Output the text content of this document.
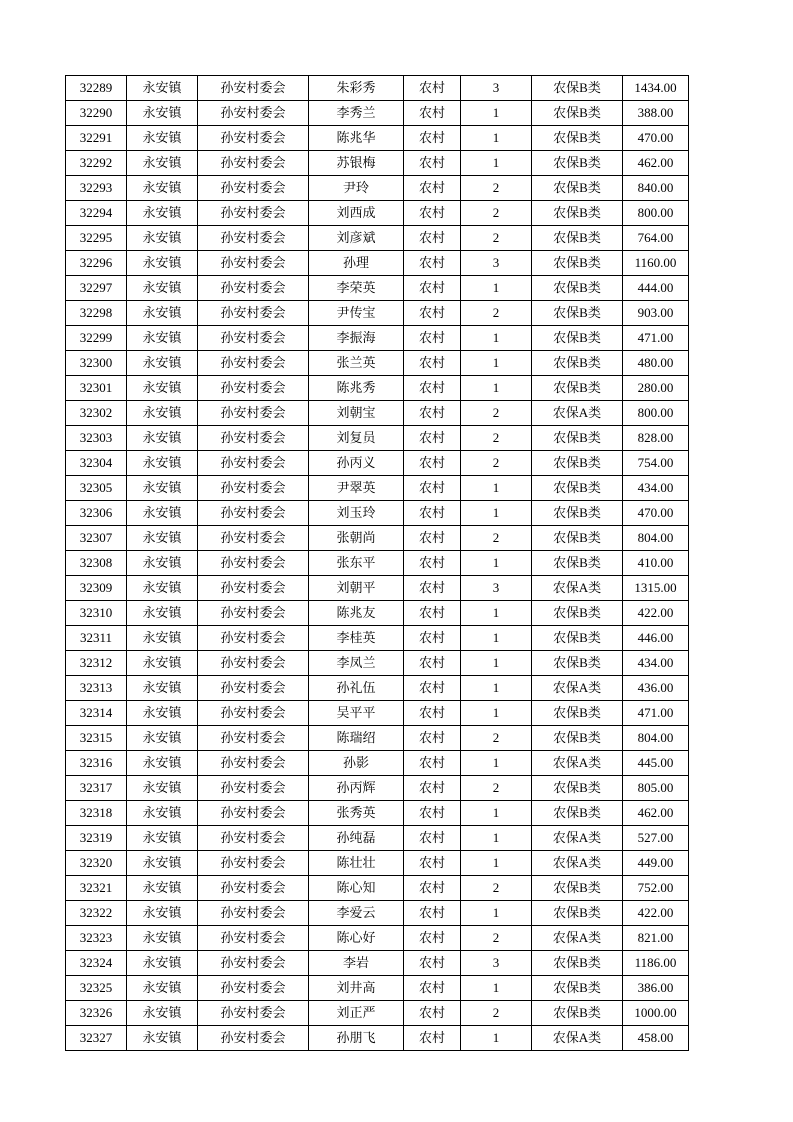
32289	永安镇	孙安村委会	朱彩秀	农村	3	农保B类	1434.00
32290	永安镇	孙安村委会	李秀兰	农村	1	农保B类	388.00
32291	永安镇	孙安村委会	陈兆华	农村	1	农保B类	470.00
32292	永安镇	孙安村委会	苏银梅	农村	1	农保B类	462.00
32293	永安镇	孙安村委会	尹玲	农村	2	农保B类	840.00
32294	永安镇	孙安村委会	刘西成	农村	2	农保B类	800.00
32295	永安镇	孙安村委会	刘彦斌	农村	2	农保B类	764.00
32296	永安镇	孙安村委会	孙理	农村	3	农保B类	1160.00
32297	永安镇	孙安村委会	李荣英	农村	1	农保B类	444.00
32298	永安镇	孙安村委会	尹传宝	农村	2	农保B类	903.00
32299	永安镇	孙安村委会	李振海	农村	1	农保B类	471.00
32300	永安镇	孙安村委会	张兰英	农村	1	农保B类	480.00
32301	永安镇	孙安村委会	陈兆秀	农村	1	农保B类	280.00
32302	永安镇	孙安村委会	刘朝宝	农村	2	农保A类	800.00
32303	永安镇	孙安村委会	刘复员	农村	2	农保B类	828.00
32304	永安镇	孙安村委会	孙丙义	农村	2	农保B类	754.00
32305	永安镇	孙安村委会	尹翠英	农村	1	农保B类	434.00
32306	永安镇	孙安村委会	刘玉玲	农村	1	农保B类	470.00
32307	永安镇	孙安村委会	张朝尚	农村	2	农保B类	804.00
32308	永安镇	孙安村委会	张东平	农村	1	农保B类	410.00
32309	永安镇	孙安村委会	刘朝平	农村	3	农保A类	1315.00
32310	永安镇	孙安村委会	陈兆友	农村	1	农保B类	422.00
32311	永安镇	孙安村委会	李桂英	农村	1	农保B类	446.00
32312	永安镇	孙安村委会	李凤兰	农村	1	农保B类	434.00
32313	永安镇	孙安村委会	孙礼伍	农村	1	农保A类	436.00
32314	永安镇	孙安村委会	吴平平	农村	1	农保B类	471.00
32315	永安镇	孙安村委会	陈瑞绍	农村	2	农保B类	804.00
32316	永安镇	孙安村委会	孙影	农村	1	农保A类	445.00
32317	永安镇	孙安村委会	孙丙辉	农村	2	农保B类	805.00
32318	永安镇	孙安村委会	张秀英	农村	1	农保B类	462.00
32319	永安镇	孙安村委会	孙纯磊	农村	1	农保A类	527.00
32320	永安镇	孙安村委会	陈壮壮	农村	1	农保A类	449.00
32321	永安镇	孙安村委会	陈心知	农村	2	农保B类	752.00
32322	永安镇	孙安村委会	李爱云	农村	1	农保B类	422.00
32323	永安镇	孙安村委会	陈心好	农村	2	农保A类	821.00
32324	永安镇	孙安村委会	李岩	农村	3	农保B类	1186.00
32325	永安镇	孙安村委会	刘井高	农村	1	农保B类	386.00
32326	永安镇	孙安村委会	刘正严	农村	2	农保B类	1000.00
32327	永安镇	孙安村委会	孙朋飞	农村	1	农保A类	458.00
